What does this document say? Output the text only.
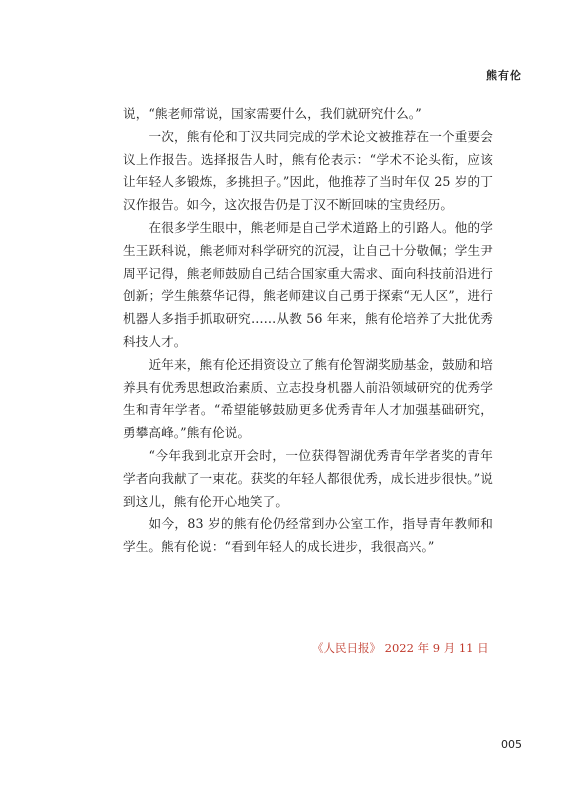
熊有伦

说，“熊老师常说，国家需要什么，我们就研究什么。”

一次，熊有伦和丁汉共同完成的学术论文被推荐在一个重要会议上作报告。选择报告人时，熊有伦表示：“学术不论头衔，应该让年轻人多锻炼，多挑担子。”因此，他推荐了当时年仅 25 岁的丁汉作报告。如今，这次报告仍是丁汉不断回味的宝贵经历。

在很多学生眼中，熊老师是自己学术道路上的引路人。他的学生王跃科说，熊老师对科学研究的沉浸，让自己十分敬佩；学生尹周平记得，熊老师鼓励自己结合国家重大需求、面向科技前沿进行创新；学生熊蔡华记得，熊老师建议自己勇于探索“无人区”，进行机器人多指手抓取研究……从教 56 年来，熊有伦培养了大批优秀科技人才。

近年来，熊有伦还捐资设立了熊有伦智湖奖励基金，鼓励和培养具有优秀思想政治素质、立志投身机器人前沿领域研究的优秀学生和青年学者。“希望能够鼓励更多优秀青年人才加强基础研究，勇攀高峰。”熊有伦说。

“今年我到北京开会时，一位获得智湖优秀青年学者奖的青年学者向我献了一束花。获奖的年轻人都很优秀，成长进步很快。”说到这儿，熊有伦开心地笑了。

如今，83 岁的熊有伦仍经常到办公室工作，指导青年教师和学生。熊有伦说：“看到年轻人的成长进步，我很高兴。”

《人民日报》 2022 年 9 月 11 日
005
